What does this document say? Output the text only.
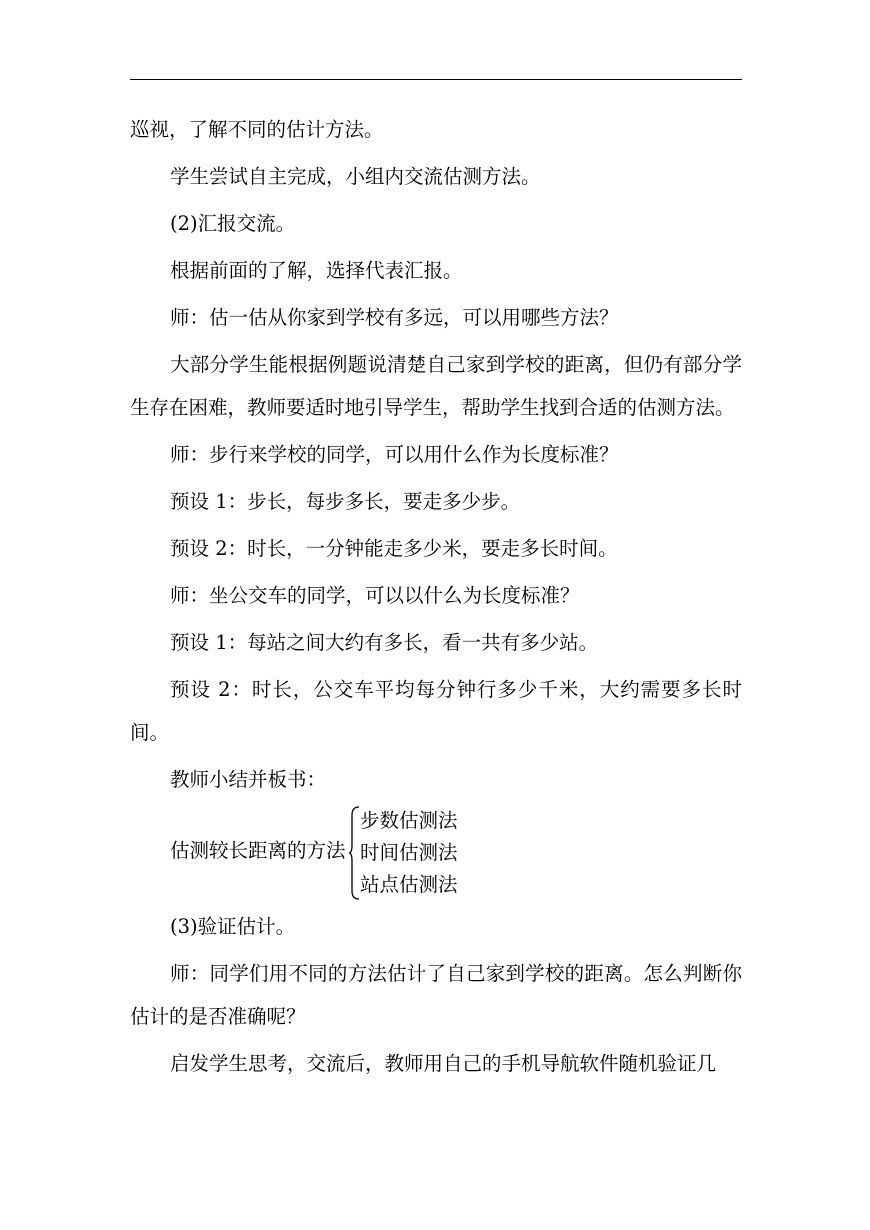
巡视，了解不同的估计方法。

学生尝试自主完成，小组内交流估测方法。

(2)汇报交流。

根据前面的了解，选择代表汇报。

师：估一估从你家到学校有多远，可以用哪些方法？

大部分学生能根据例题说清楚自己家到学校的距离，但仍有部分学生存在困难，教师要适时地引导学生，帮助学生找到合适的估测方法。

师：步行来学校的同学，可以用什么作为长度标准？

预设 1：步长，每步多长，要走多少步。

预设 2：时长，一分钟能走多少米，要走多长时间。

师：坐公交车的同学，可以以什么为长度标准？

预设 1：每站之间大约有多长，看一共有多少站。

预设 2：时长，公交车平均每分钟行多少千米，大约需要多长时间。

教师小结并板书：

估测较长距离的方法
步数估测法
时间估测法
站点估测法

(3)验证估计。

师：同学们用不同的方法估计了自己家到学校的距离。怎么判断你估计的是否准确呢？

启发学生思考，交流后，教师用自己的手机导航软件随机验证几
